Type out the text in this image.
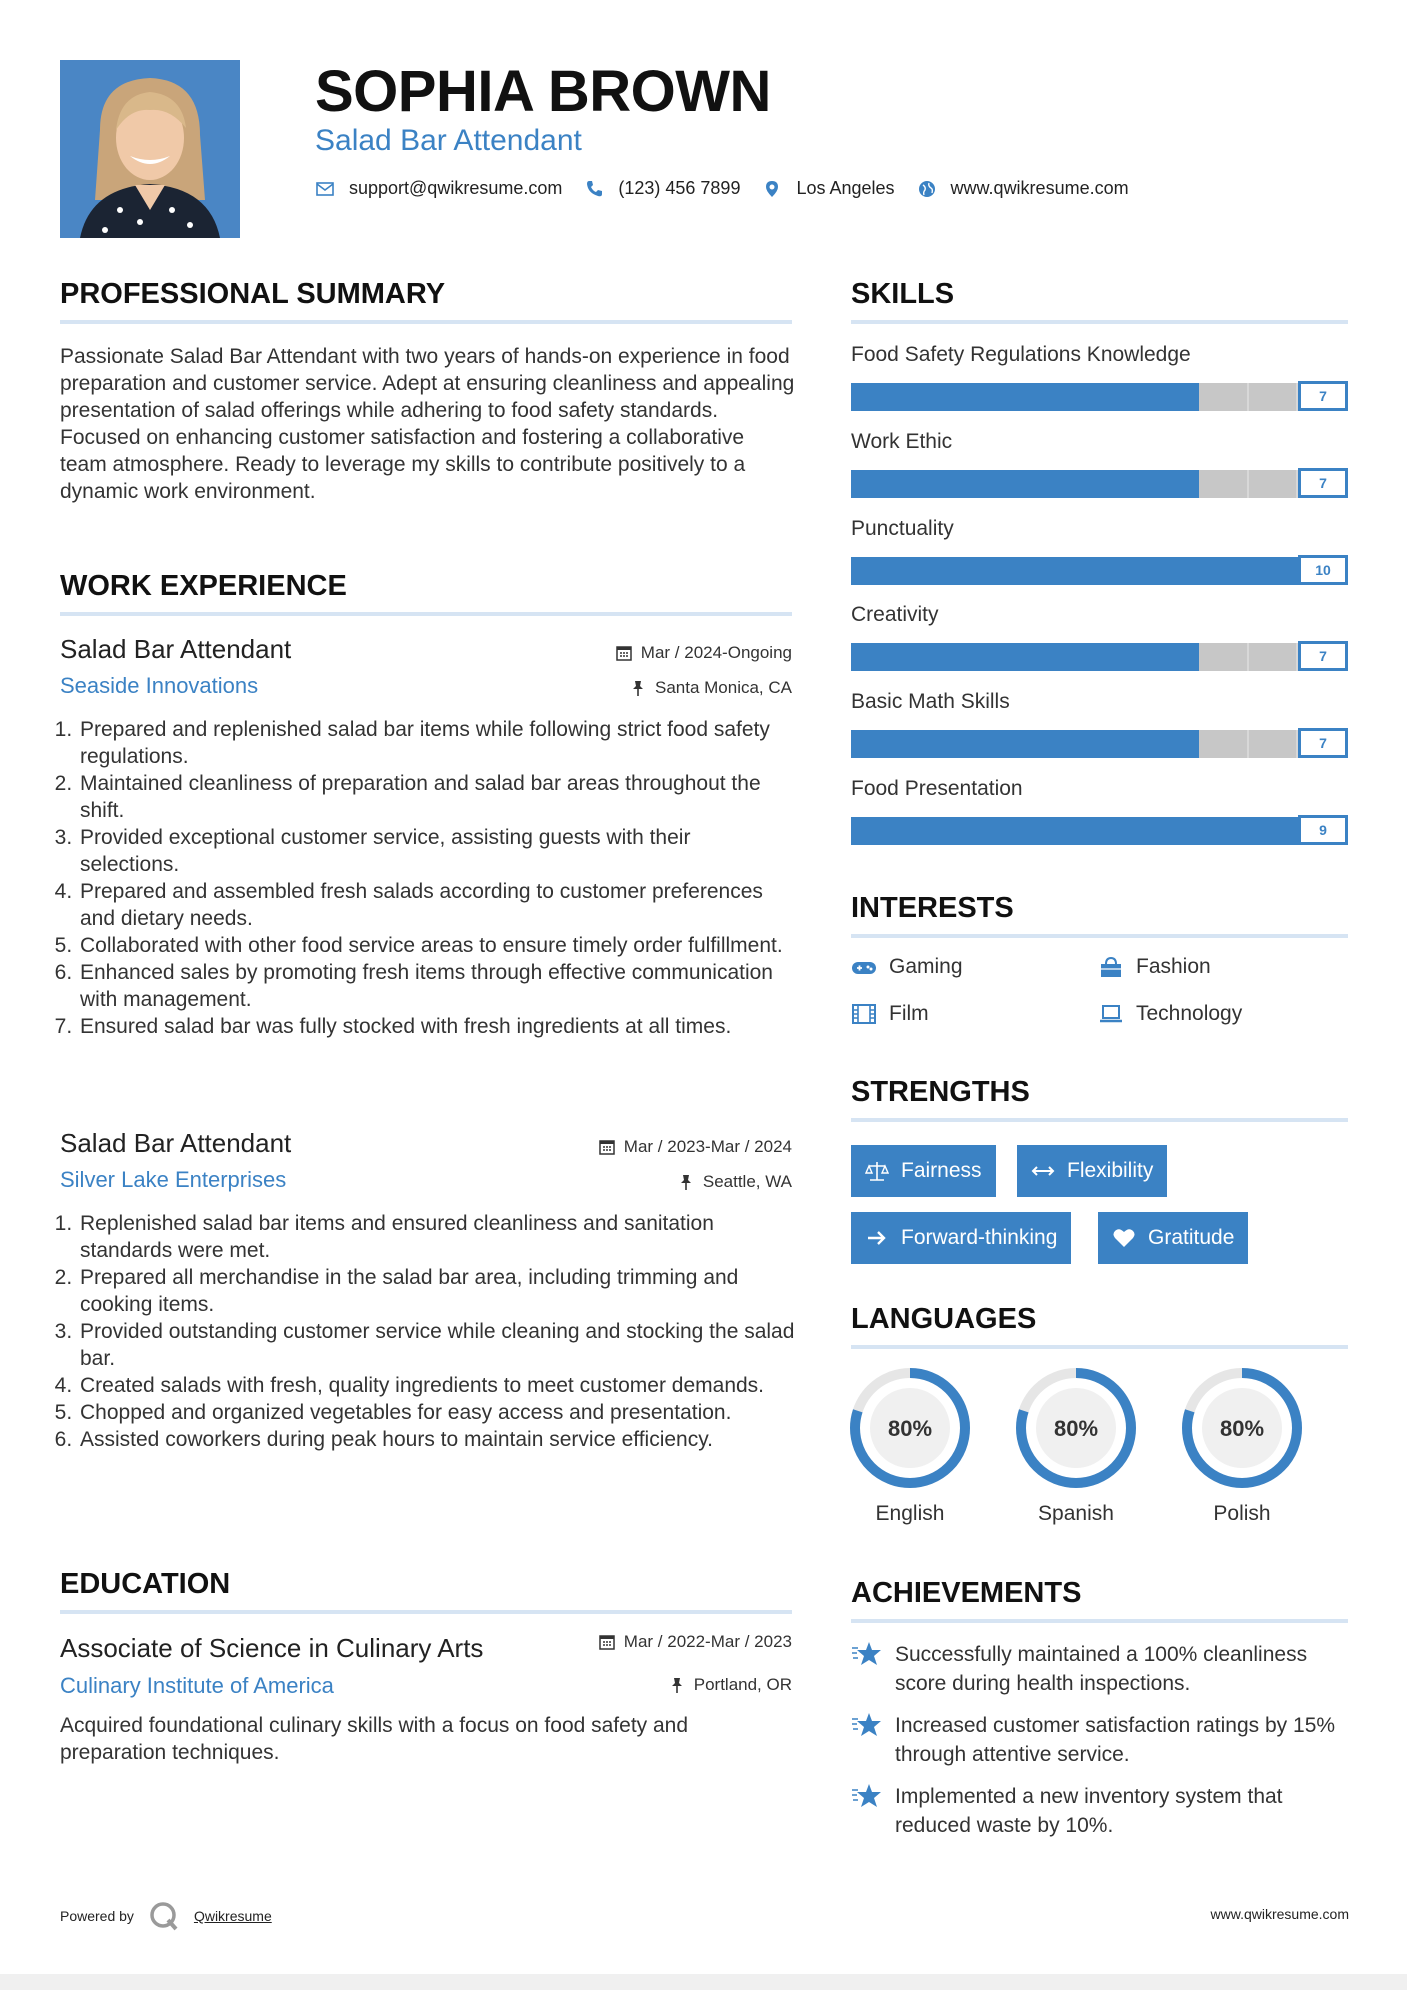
SOPHIA BROWN
Salad Bar Attendant
support@qwikresume.com	(123) 456 7899	Los Angeles	www.qwikresume.com
PROFESSIONAL SUMMARY
Passionate Salad Bar Attendant with two years of hands-on experience in food preparation and customer service. Adept at ensuring cleanliness and appealing presentation of salad offerings while adhering to food safety standards. Focused on enhancing customer satisfaction and fostering a collaborative team atmosphere. Ready to leverage my skills to contribute positively to a dynamic work environment.
WORK EXPERIENCE
Salad Bar Attendant	Mar / 2024-Ongoing
Seaside Innovations	Santa Monica, CA
1. Prepared and replenished salad bar items while following strict food safety regulations.
2. Maintained cleanliness of preparation and salad bar areas throughout the shift.
3. Provided exceptional customer service, assisting guests with their selections.
4. Prepared and assembled fresh salads according to customer preferences and dietary needs.
5. Collaborated with other food service areas to ensure timely order fulfillment.
6. Enhanced sales by promoting fresh items through effective communication with management.
7. Ensured salad bar was fully stocked with fresh ingredients at all times.
Salad Bar Attendant	Mar / 2023-Mar / 2024
Silver Lake Enterprises	Seattle, WA
1. Replenished salad bar items and ensured cleanliness and sanitation standards were met.
2. Prepared all merchandise in the salad bar area, including trimming and cooking items.
3. Provided outstanding customer service while cleaning and stocking the salad bar.
4. Created salads with fresh, quality ingredients to meet customer demands.
5. Chopped and organized vegetables for easy access and presentation.
6. Assisted coworkers during peak hours to maintain service efficiency.
EDUCATION
Associate of Science in Culinary Arts	Mar / 2022-Mar / 2023
Culinary Institute of America	Portland, OR
Acquired foundational culinary skills with a focus on food safety and preparation techniques.
SKILLS
Food Safety Regulations Knowledge
7
Work Ethic
7
Punctuality
10
Creativity
7
Basic Math Skills
7
Food Presentation
9
INTERESTS
Gaming	Fashion
Film	Technology
STRENGTHS
Fairness	Flexibility
Forward-thinking	Gratitude
LANGUAGES
80%
English
80%
Spanish
80%
Polish
ACHIEVEMENTS
Successfully maintained a 100% cleanliness score during health inspections.
Increased customer satisfaction ratings by 15% through attentive service.
Implemented a new inventory system that reduced waste by 10%.
Powered by	Qwikresume	www.qwikresume.com
